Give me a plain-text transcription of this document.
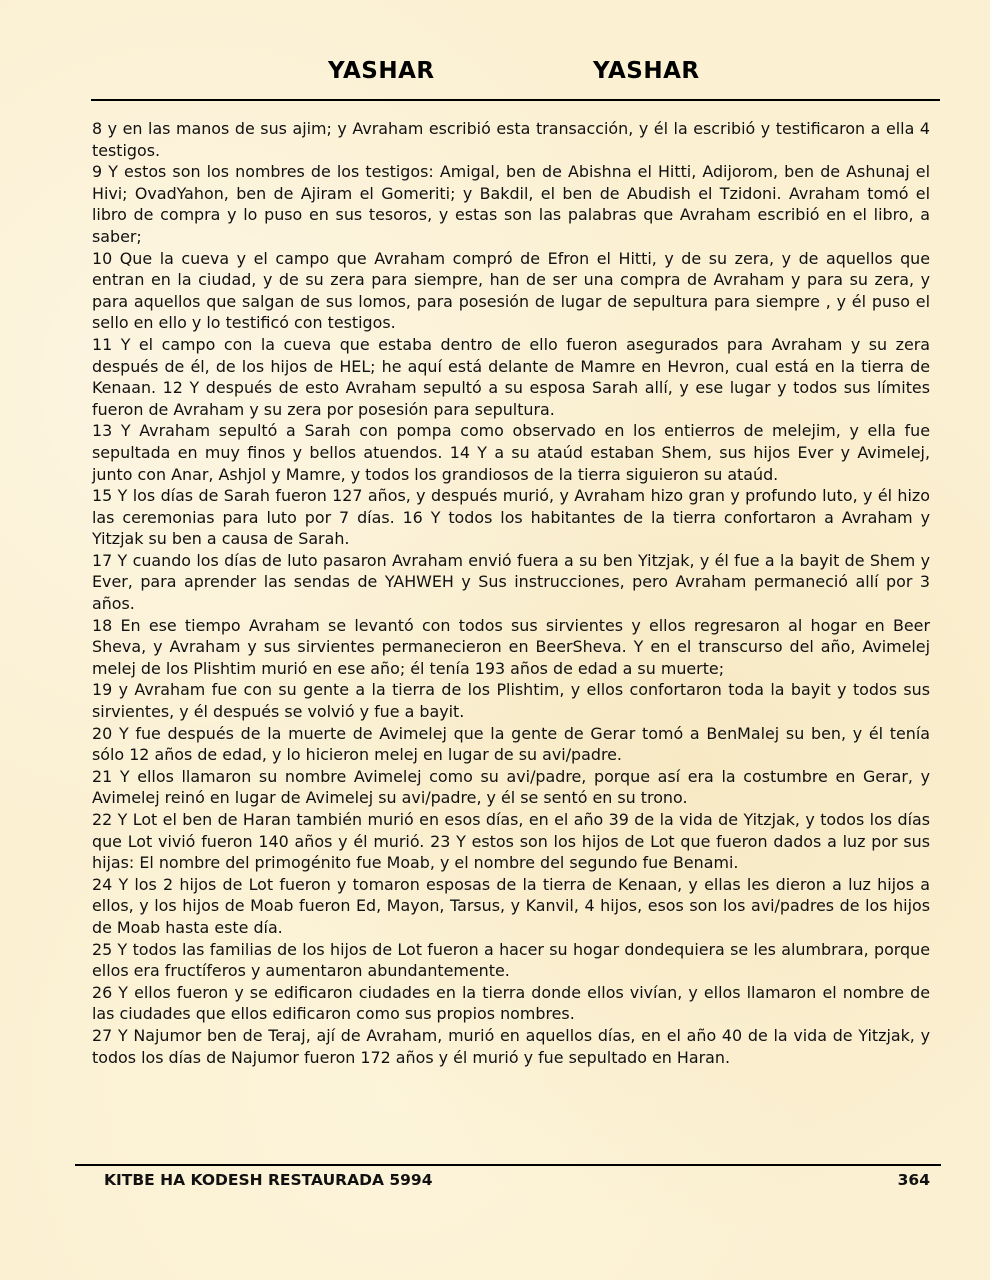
YASHAR	YASHAR

8 y en las manos de sus ajim; y Avraham escribió esta transacción, y él la escribió y testificaron a ella 4 testigos.

9 Y estos son los nombres de los testigos: Amigal, ben de Abishna el Hitti, Adijorom, ben de Ashunaj el Hivi; OvadYahon, ben de Ajiram el Gomeriti; y Bakdil, el ben de Abudish el Tzidoni. Avraham tomó el libro de compra y lo puso en sus tesoros, y estas son las palabras que Avraham escribió en el libro, a saber;

10 Que la cueva y el campo que Avraham compró de Efron el Hitti, y de su zera, y de aquellos que entran en la ciudad, y de su zera para siempre, han de ser una compra de Avraham y para su zera, y para aquellos que salgan de sus lomos, para posesión de lugar de sepultura para siempre , y él puso el sello en ello y lo testificó con testigos.

11 Y el campo con la cueva que estaba dentro de ello fueron asegurados para Avraham y su zera después de él, de los hijos de HEL; he aquí está delante de Mamre en Hevron, cual está en la tierra de Kenaan. 12 Y después de esto Avraham sepultó a su esposa Sarah allí, y ese lugar y todos sus límites fueron de Avraham y su zera por posesión para sepultura.

13 Y Avraham sepultó a Sarah con pompa como observado en los entierros de melejim, y ella fue sepultada en muy finos y bellos atuendos. 14 Y a su ataúd estaban Shem, sus hijos Ever y Avimelej, junto con Anar, Ashjol y Mamre, y todos los grandiosos de la tierra siguieron su ataúd.

15 Y los días de Sarah fueron 127 años, y después murió, y Avraham hizo gran y profundo luto, y él hizo las ceremonias para luto por 7 días. 16 Y todos los habitantes de la tierra confortaron a Avraham y Yitzjak su ben a causa de Sarah.

17 Y cuando los días de luto pasaron Avraham envió fuera a su ben Yitzjak, y él fue a la bayit de Shem y Ever, para aprender las sendas de YAHWEH y Sus instrucciones, pero Avraham permaneció allí por 3 años.

18 En ese tiempo Avraham se levantó con todos sus sirvientes y ellos regresaron al hogar en Beer Sheva, y Avraham y sus sirvientes permanecieron en BeerSheva. Y en el transcurso del año, Avimelej melej de los Plishtim murió en ese año; él tenía 193 años de edad a su muerte;

19 y Avraham fue con su gente a la tierra de los Plishtim, y ellos confortaron toda la bayit y todos sus sirvientes, y él después se volvió y fue a bayit.

20 Y fue después de la muerte de Avimelej que la gente de Gerar tomó a BenMalej su ben, y él tenía sólo 12 años de edad, y lo hicieron melej en lugar de su avi/padre.

21 Y ellos llamaron su nombre Avimelej como su avi/padre, porque así era la costumbre en Gerar, y Avimelej reinó en lugar de Avimelej su avi/padre, y él se sentó en su trono.

22 Y Lot el ben de Haran también murió en esos días, en el año 39 de la vida de Yitzjak, y todos los días que Lot vivió fueron 140 años y él murió. 23 Y estos son los hijos de Lot que fueron dados a luz por sus hijas: El nombre del primogénito fue Moab, y el nombre del segundo fue Benami.

24 Y los 2 hijos de Lot fueron y tomaron esposas de la tierra de Kenaan, y ellas les dieron a luz hijos a ellos, y los hijos de Moab fueron Ed, Mayon, Tarsus, y Kanvil, 4 hijos, esos son los avi/padres de los hijos de Moab hasta este día.

25 Y todos las familias de los hijos de Lot fueron a hacer su hogar dondequiera se les alumbrara, porque ellos era fructíferos y aumentaron abundantemente.

26 Y ellos fueron y se edificaron ciudades en la tierra donde ellos vivían, y ellos llamaron el nombre de las ciudades que ellos edificaron como sus propios nombres.

27 Y Najumor ben de Teraj, ají de Avraham, murió en aquellos días, en el año 40 de la vida de Yitzjak, y todos los días de Najumor fueron 172 años y él murió y fue sepultado en Haran.

KITBE HA KODESH RESTAURADA 5994	364
